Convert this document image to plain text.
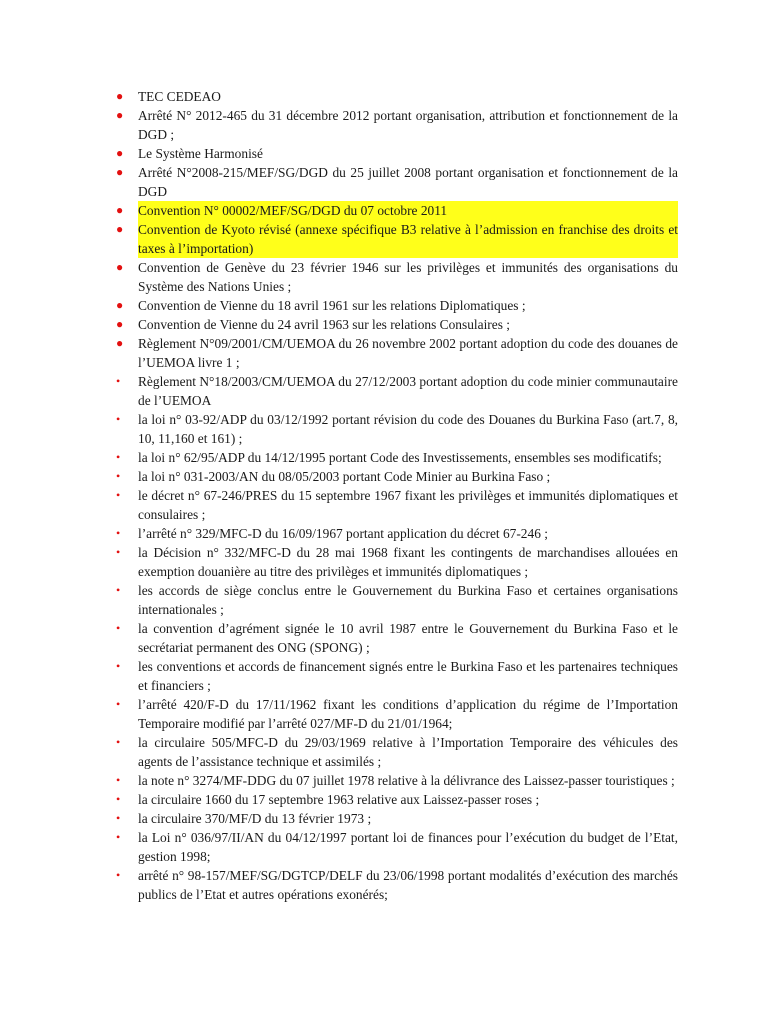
● TEC CEDEAO
● Arrêté N° 2012-465 du 31 décembre 2012 portant organisation, attribution et fonctionnement de la DGD ;
● Le Système Harmonisé
● Arrêté N°2008-215/MEF/SG/DGD du 25 juillet 2008 portant organisation et fonctionnement de la DGD
● Convention N° 00002/MEF/SG/DGD du 07 octobre 2011
● Convention de Kyoto révisé (annexe spécifique B3 relative à l’admission en franchise des droits et taxes à l’importation)
● Convention de Genève du 23 février 1946 sur les privilèges et immunités des organisations du Système des Nations Unies ;
● Convention de Vienne du 18 avril 1961 sur les relations Diplomatiques ;
● Convention de Vienne du 24 avril 1963 sur les relations Consulaires ;
● Règlement N°09/2001/CM/UEMOA du 26 novembre 2002 portant adoption du code des douanes de l’UEMOA livre 1 ;
• Règlement N°18/2003/CM/UEMOA du 27/12/2003 portant adoption du code minier communautaire de l’UEMOA
• la loi n° 03-92/ADP du 03/12/1992 portant révision du code des Douanes du Burkina Faso (art.7, 8, 10, 11,160 et 161) ;
• la loi n° 62/95/ADP du 14/12/1995 portant Code des Investissements, ensembles ses modificatifs;
• la loi n° 031-2003/AN du 08/05/2003 portant Code Minier au Burkina Faso ;
• le décret n° 67-246/PRES du 15 septembre 1967 fixant les privilèges et immunités diplomatiques et consulaires ;
• l’arrêté n° 329/MFC-D du 16/09/1967 portant application du décret 67-246 ;
• la Décision n° 332/MFC-D du 28 mai 1968 fixant les contingents de marchandises allouées en exemption douanière au titre des privilèges et immunités diplomatiques ;
• les accords de siège conclus entre le Gouvernement du Burkina Faso et certaines organisations internationales ;
• la convention d’agrément signée le 10 avril 1987 entre le Gouvernement du Burkina Faso et le secrétariat permanent des ONG (SPONG) ;
• les conventions et accords de financement signés entre le Burkina Faso et les partenaires techniques et financiers ;
• l’arrêté 420/F-D du 17/11/1962 fixant les conditions d’application du régime de l’Importation Temporaire modifié par l’arrêté 027/MF-D du 21/01/1964;
• la circulaire 505/MFC-D du 29/03/1969 relative à l’Importation Temporaire des véhicules des agents de l’assistance technique et assimilés ;
• la note n° 3274/MF-DDG du 07 juillet 1978 relative à la délivrance des Laissez-passer touristiques ;
• la circulaire 1660 du 17 septembre 1963 relative aux Laissez-passer roses ;
• la circulaire 370/MF/D du 13 février 1973 ;
• la Loi n° 036/97/II/AN du 04/12/1997 portant loi de finances pour l’exécution du budget de l’Etat, gestion 1998;
• arrêté n° 98-157/MEF/SG/DGTCP/DELF du 23/06/1998 portant modalités d’exécution des marchés publics de l’Etat et autres opérations exonérés;
